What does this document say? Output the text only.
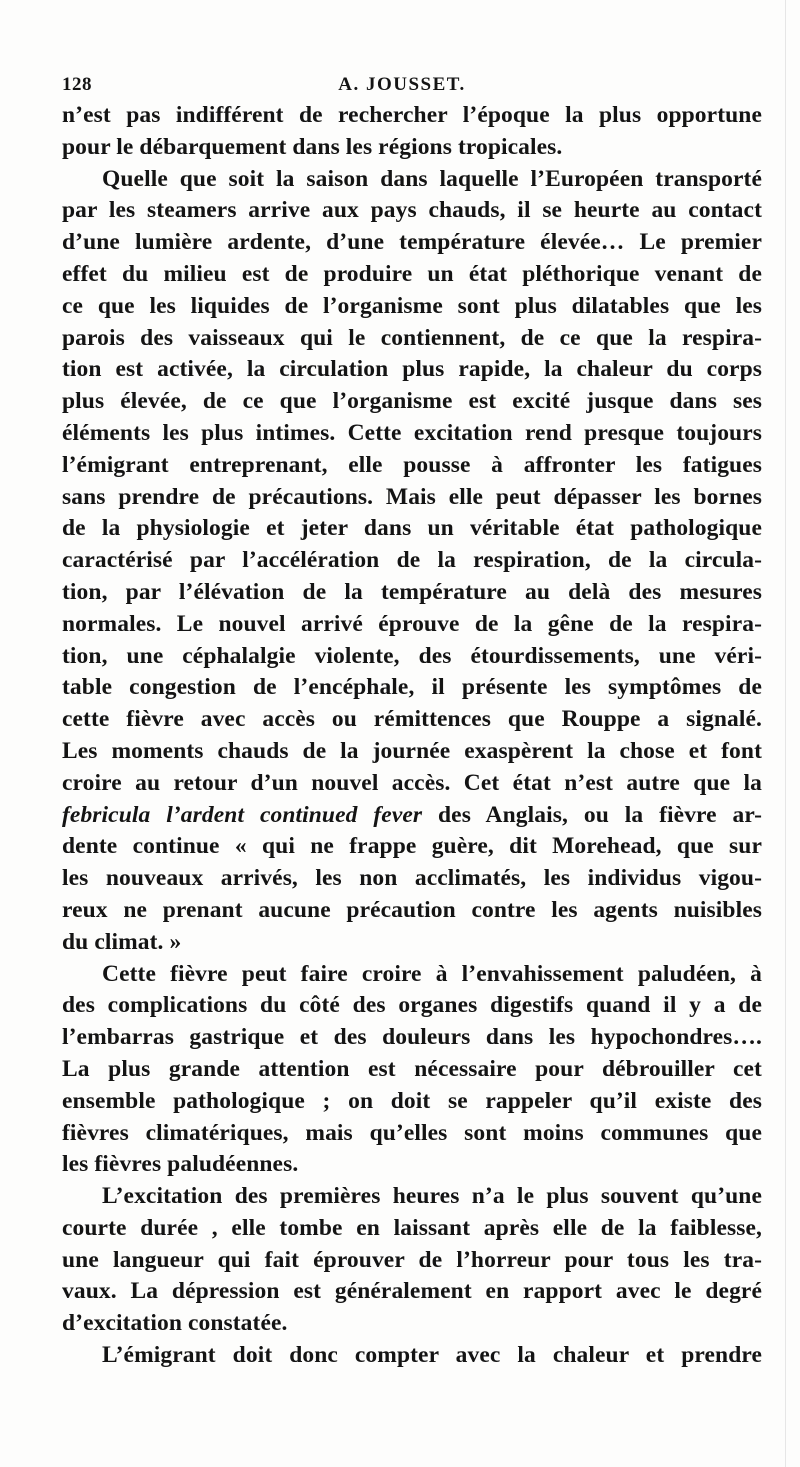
128	A. JOUSSET.
n’est pas indifférent de rechercher l’époque la plus opportune
pour le débarquement dans les régions tropicales.
Quelle que soit la saison dans laquelle l’Européen transporté
par les steamers arrive aux pays chauds, il se heurte au contact
d’une lumière ardente, d’une température élevée… Le premier
effet du milieu est de produire un état pléthorique venant de
ce que les liquides de l’organisme sont plus dilatables que les
parois des vaisseaux qui le contiennent, de ce que la respira-
tion est activée, la circulation plus rapide, la chaleur du corps
plus élevée, de ce que l’organisme est excité jusque dans ses
éléments les plus intimes. Cette excitation rend presque toujours
l’émigrant entreprenant, elle pousse à affronter les fatigues
sans prendre de précautions. Mais elle peut dépasser les bornes
de la physiologie et jeter dans un véritable état pathologique
caractérisé par l’accélération de la respiration, de la circula-
tion, par l’élévation de la température au delà des mesures
normales. Le nouvel arrivé éprouve de la gêne de la respira-
tion, une céphalalgie violente, des étourdissements, une véri-
table congestion de l’encéphale, il présente les symptômes de
cette fièvre avec accès ou rémittences que Rouppe a signalé.
Les moments chauds de la journée exaspèrent la chose et font
croire au retour d’un nouvel accès. Cet état n’est autre que la
febricula l’ardent continued fever des Anglais, ou la fièvre ar-
dente continue « qui ne frappe guère, dit Morehead, que sur
les nouveaux arrivés, les non acclimatés, les individus vigou-
reux ne prenant aucune précaution contre les agents nuisibles
du climat. »
Cette fièvre peut faire croire à l’envahissement paludéen, à
des complications du côté des organes digestifs quand il y a de
l’embarras gastrique et des douleurs dans les hypochondres….
La plus grande attention est nécessaire pour débrouiller cet
ensemble pathologique ; on doit se rappeler qu’il existe des
fièvres climatériques, mais qu’elles sont moins communes que
les fièvres paludéennes.
L’excitation des premières heures n’a le plus souvent qu’une
courte durée , elle tombe en laissant après elle de la faiblesse,
une langueur qui fait éprouver de l’horreur pour tous les tra-
vaux. La dépression est généralement en rapport avec le degré
d’excitation constatée.
L’émigrant doit donc compter avec la chaleur et prendre
